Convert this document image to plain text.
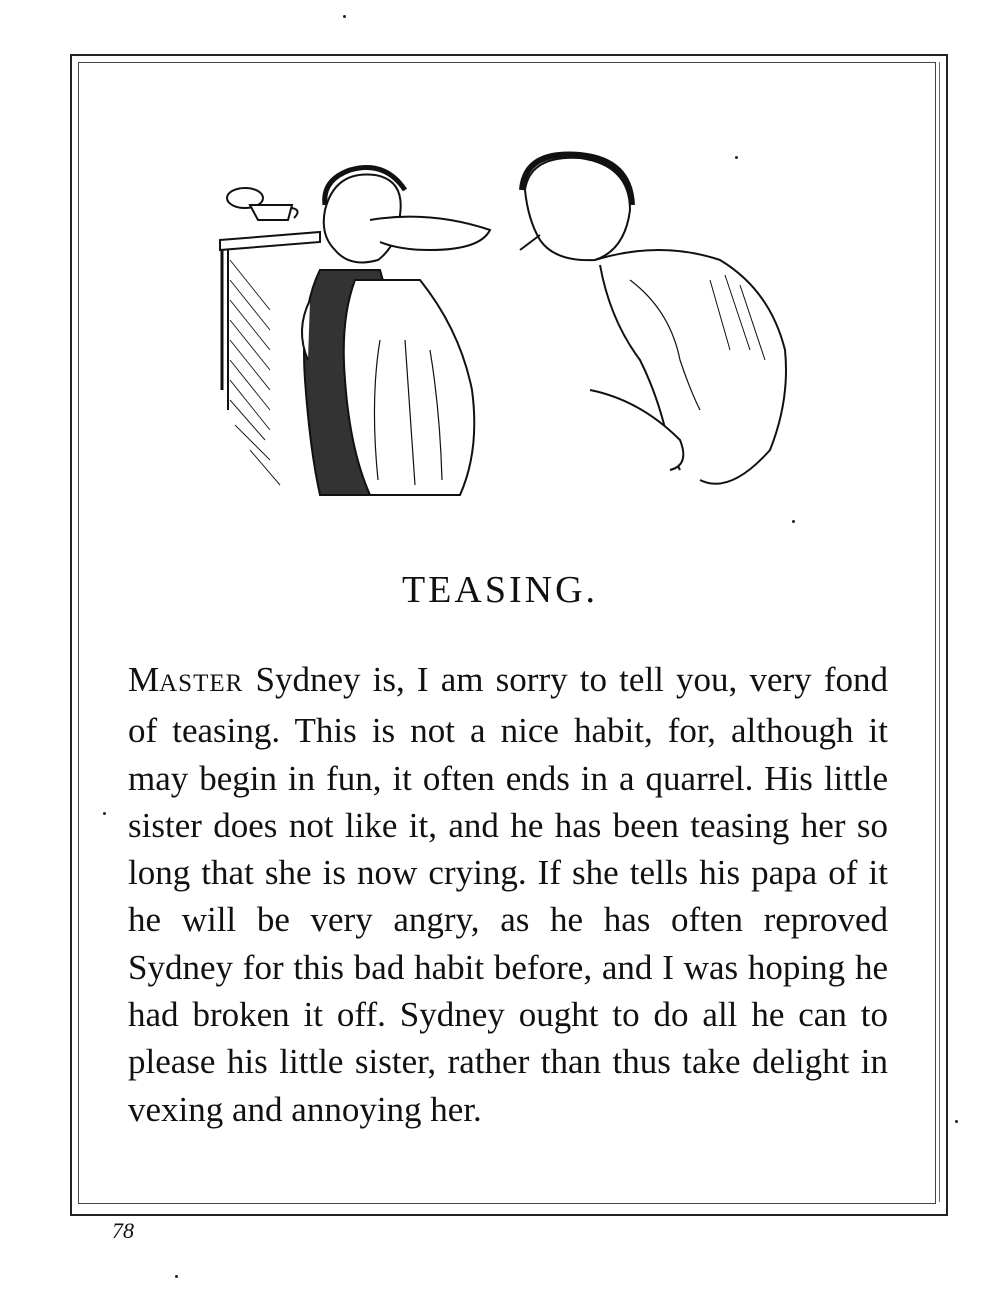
TEASING.

MASTER Sydney is, I am sorry to tell you, very fond of teasing. This is not a nice habit, for, although it may begin in fun, it often ends in a quarrel. His little sister does not like it, and he has been teasing her so long that she is now crying. If she tells his papa of it he will be very angry, as he has often reproved Sydney for this bad habit before, and I was hoping he had broken it off. Sydney ought to do all he can to please his little sister, rather than thus take delight in vexing and annoying her.

78
